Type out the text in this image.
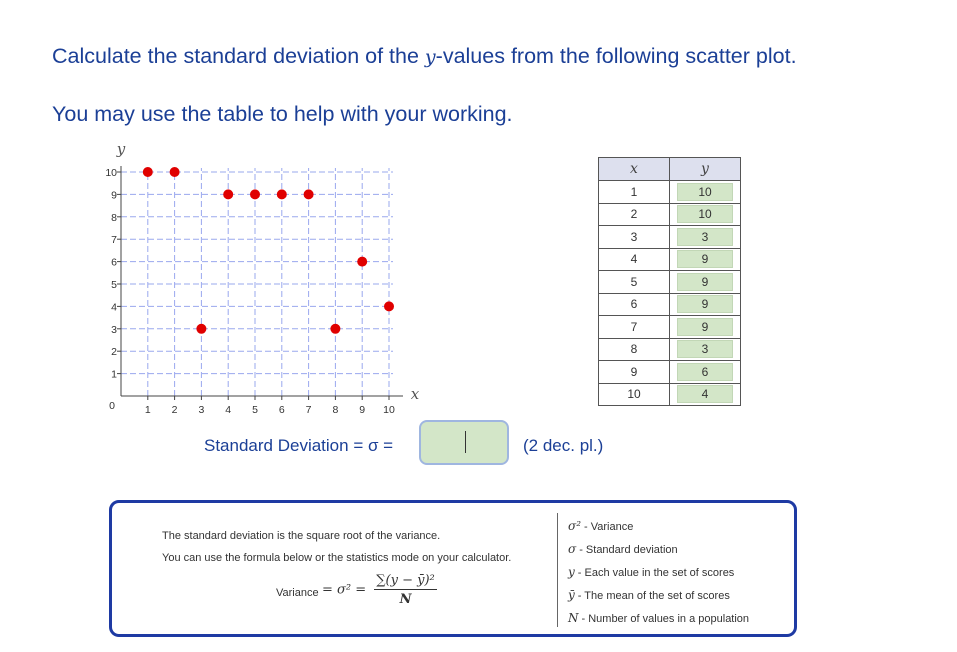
Calculate the standard deviation of the y-values from the following scatter plot.
You may use the table to help with your working.
1 2 3 4 5 6 7 8 9 10
1
2
3
4
5
6
7
8
9
10
0
x
y
x	y
1	10
2	10
3	3
4	9
5	9
6	9
7	9
8	3
9	6
10	4
Standard Deviation = σ =	(2 dec. pl.)
The standard deviation is the square root of the variance.
You can use the formula below or the statistics mode on your calculator.
Variance = $\sigma^2 = \frac{\text{∑(y − ȳ)²}}{N}$
σ² - Variance
σ - Standard deviation
y - Each value in the set of scores
ȳ - The mean of the set of scores
N - Number of values in a population
